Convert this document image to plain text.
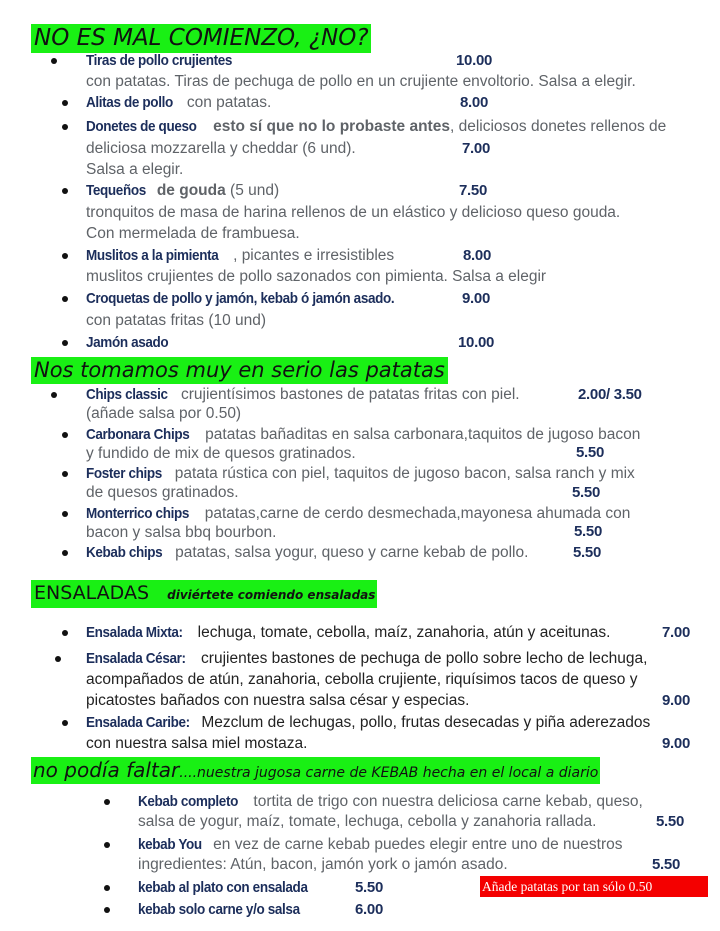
NO ES MAL COMIENZO, ¿NO?
Tiras de pollo crujientes	10.00
con patatas. Tiras de pechuga de pollo en un crujiente envoltorio. Salsa a elegir.
Alitas de pollo con patatas.	8.00
Donetes de queso esto sí que no lo probaste antes, deliciosos donetes rellenos de
deliciosa mozzarella y cheddar (6 und).	7.00
Salsa a elegir.
Tequeños de gouda (5 und)	7.50
tronquitos de masa de harina rellenos de un elástico y delicioso queso gouda.
Con mermelada de frambuesa.
Muslitos a la pimienta , picantes e irresistibles	8.00
muslitos crujientes de pollo sazonados con pimienta. Salsa a elegir
Croquetas de pollo y jamón, kebab ó jamón asado.	9.00
con patatas fritas (10 und)
Jamón asado	10.00
Nos tomamos muy en serio las patatas
Chips classic crujientísimos bastones de patatas fritas con piel.	2.00/ 3.50
(añade salsa por 0.50)
Carbonara Chips patatas bañaditas en salsa carbonara,taquitos de jugoso bacon
y fundido de mix de quesos gratinados.	5.50
Foster chips patata rústica con piel, taquitos de jugoso bacon, salsa ranch y mix
de quesos gratinados.	5.50
Monterrico chips patatas,carne de cerdo desmechada,mayonesa ahumada con
bacon y salsa bbq bourbon.	5.50
Kebab chips patatas, salsa yogur, queso y carne kebab de pollo.	5.50
ENSALADAS diviértete comiendo ensaladas
Ensalada Mixta: lechuga, tomate, cebolla, maíz, zanahoria, atún y aceitunas.	7.00
Ensalada César: crujientes bastones de pechuga de pollo sobre lecho de lechuga,
acompañados de atún, zanahoria, cebolla crujiente, riquísimos tacos de queso y
picatostes bañados con nuestra salsa césar y especias.	9.00
Ensalada Caribe: Mezclum de lechugas, pollo, frutas desecadas y piña aderezados
con nuestra salsa miel mostaza.	9.00
no podía faltar....nuestra jugosa carne de KEBAB hecha en el local a diario
Kebab completo tortita de trigo con nuestra deliciosa carne kebab, queso,
salsa de yogur, maíz, tomate, lechuga, cebolla y zanahoria rallada.	5.50
kebab You en vez de carne kebab puedes elegir entre uno de nuestros
ingredientes: Atún, bacon, jamón york o jamón asado.	5.50
kebab al plato con ensalada	5.50	Añade patatas por tan sólo 0.50
kebab solo carne y/o salsa	6.00
